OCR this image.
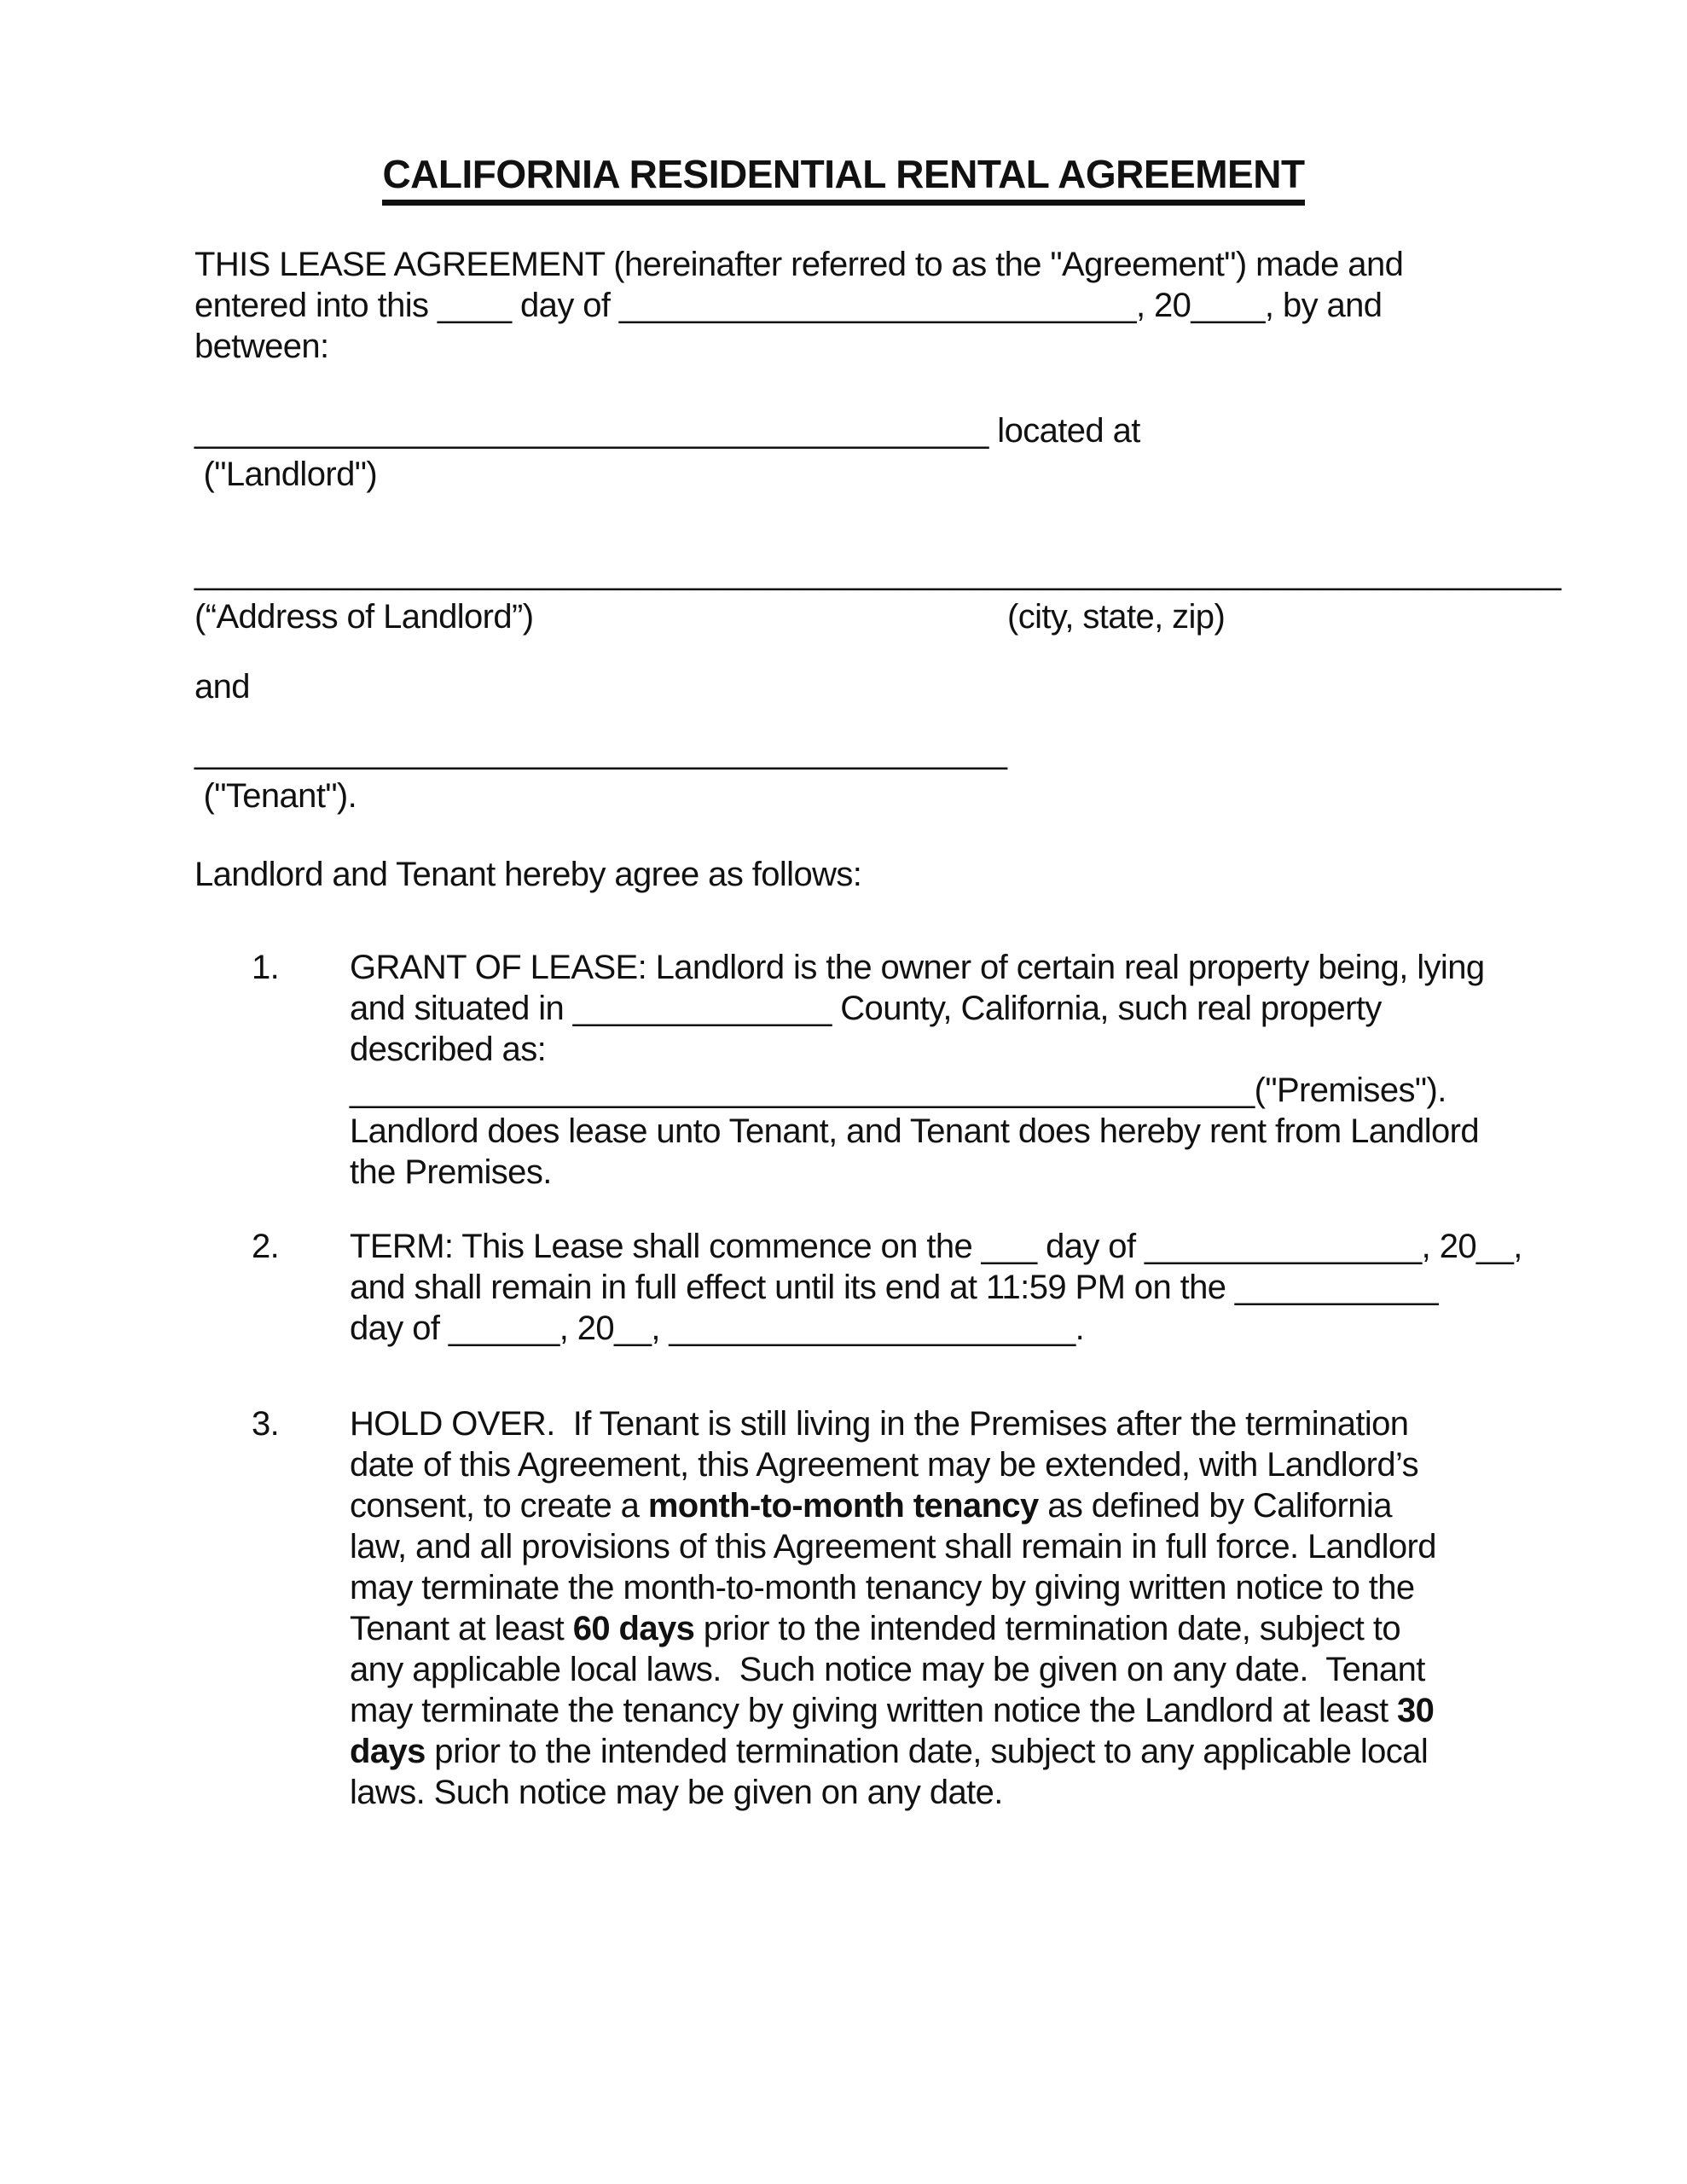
CALIFORNIA RESIDENTIAL RENTAL AGREEMENT
THIS LEASE AGREEMENT (hereinafter referred to as the "Agreement") made and
entered into this ____ day of ____________________________, 20____, by and
between:
___________________________________________ located at
("Landlord")
__________________________________________________________________________
(“Address of Landlord”)	(city, state, zip)
and
____________________________________________
("Tenant").
Landlord and Tenant hereby agree as follows:
1. GRANT OF LEASE: Landlord is the owner of certain real property being, lying
and situated in ______________ County, California, such real property
described as:
_________________________________________________("Premises").
Landlord does lease unto Tenant, and Tenant does hereby rent from Landlord
the Premises.
2. TERM: This Lease shall commence on the ___ day of _______________, 20__,
and shall remain in full effect until its end at 11:59 PM on the ___________
day of ______, 20__, ______________________.
3. HOLD OVER.  If Tenant is still living in the Premises after the termination
date of this Agreement, this Agreement may be extended, with Landlord’s
consent, to create a month-to-month tenancy as defined by California
law, and all provisions of this Agreement shall remain in full force. Landlord
may terminate the month-to-month tenancy by giving written notice to the
Tenant at least 60 days prior to the intended termination date, subject to
any applicable local laws.  Such notice may be given on any date.  Tenant
may terminate the tenancy by giving written notice the Landlord at least 30
days prior to the intended termination date, subject to any applicable local
laws. Such notice may be given on any date.
